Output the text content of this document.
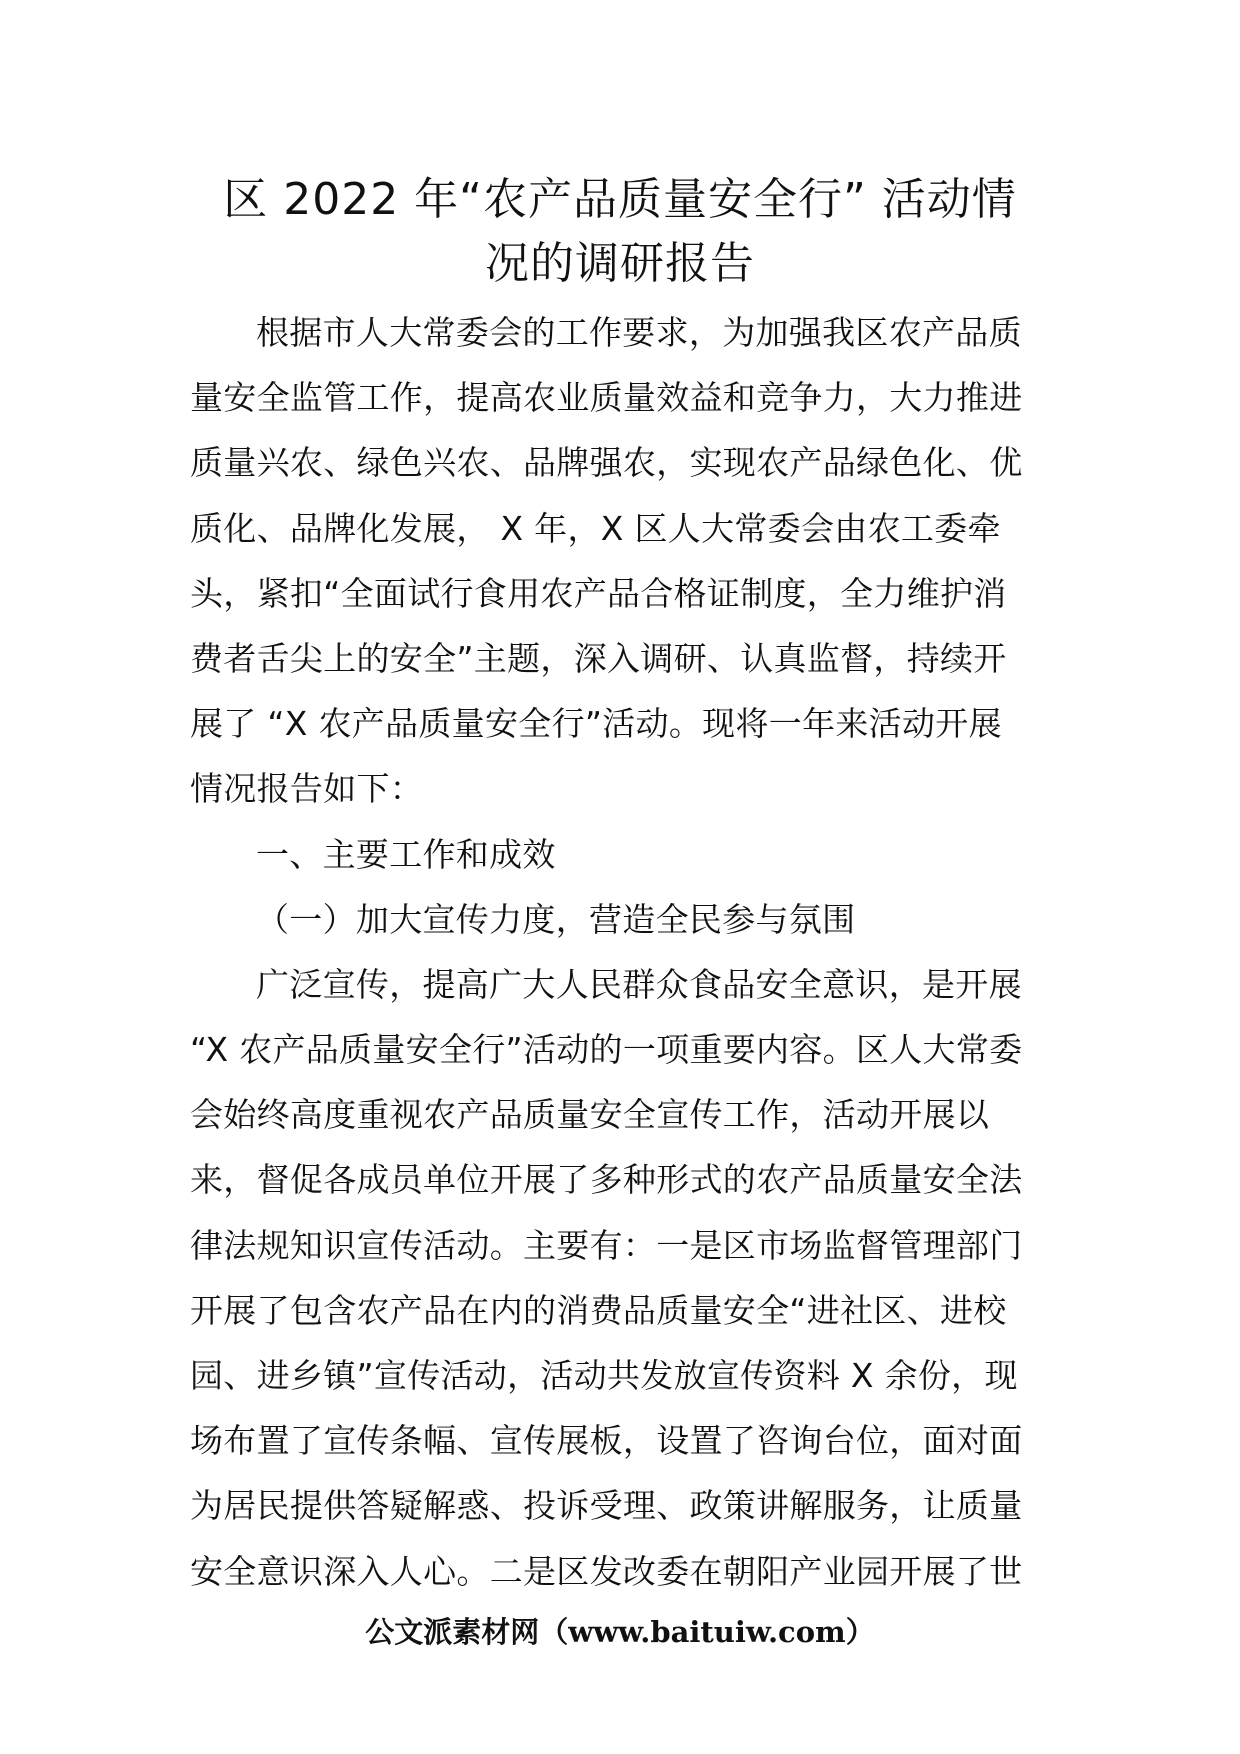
区 2022 年“农产品质量安全行” 活动情
况的调研报告
根据市人大常委会的工作要求，为加强我区农产品质
量安全监管工作，提高农业质量效益和竞争力，大力推进
质量兴农、绿色兴农、品牌强农，实现农产品绿色化、优
质化、品牌化发展， X 年，X 区人大常委会由农工委牵
头，紧扣“全面试行食用农产品合格证制度，全力维护消
费者舌尖上的安全”主题，深入调研、认真监督，持续开
展了 “X 农产品质量安全行”活动。现将一年来活动开展
情况报告如下：
一、主要工作和成效
（一）加大宣传力度，营造全民参与氛围
广泛宣传，提高广大人民群众食品安全意识，是开展
“X 农产品质量安全行”活动的一项重要内容。区人大常委
会始终高度重视农产品质量安全宣传工作，活动开展以
来，督促各成员单位开展了多种形式的农产品质量安全法
律法规知识宣传活动。主要有：一是区市场监督管理部门
开展了包含农产品在内的消费品质量安全“进社区、进校
园、进乡镇”宣传活动，活动共发放宣传资料 X 余份，现
场布置了宣传条幅、宣传展板，设置了咨询台位，面对面
为居民提供答疑解惑、投诉受理、政策讲解服务，让质量
安全意识深入人心。二是区发改委在朝阳产业园开展了世
公文派素材网（www.baituiw.com）
